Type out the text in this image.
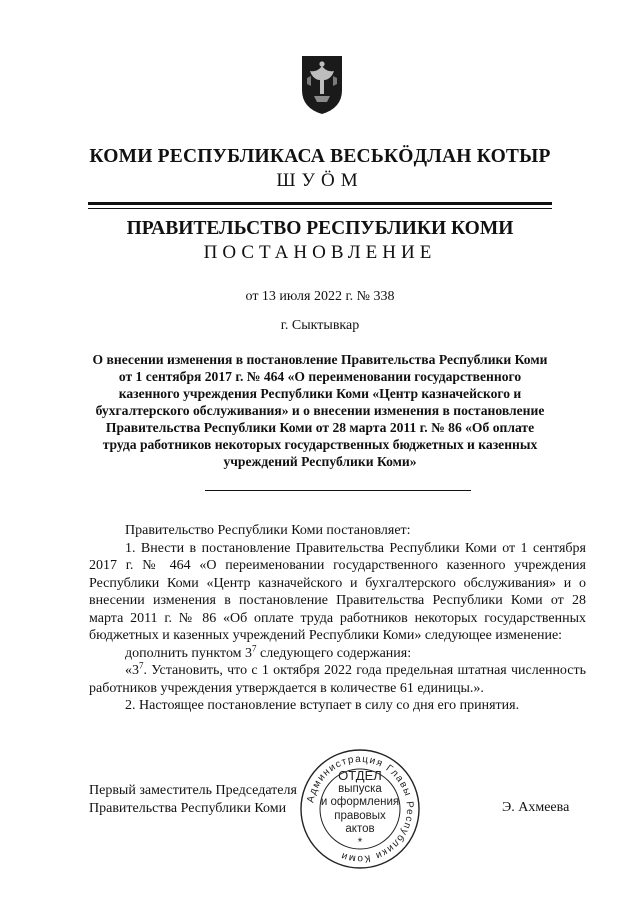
КОМИ РЕСПУБЛИКАСА ВЕСЬКÖДЛАН КОТЫР
ШУÖМ
ПРАВИТЕЛЬСТВО РЕСПУБЛИКИ КОМИ
ПОСТАНОВЛЕНИЕ
от 13 июля 2022 г. № 338
г. Сыктывкар
О внесении изменения в постановление Правительства Республики Коми от 1 сентября 2017 г. № 464 «О переименовании государственного казенного учреждения Республики Коми «Центр казначейского и бухгалтерского обслуживания» и о внесении изменения в постановление Правительства Республики Коми от 28 марта 2011 г. № 86 «Об оплате труда работников некоторых государственных бюджетных и казенных учреждений Республики Коми»

Правительство Республики Коми постановляет:

1. Внести в постановление Правительства Республики Коми от 1 сентября 2017 г. № 464 «О переименовании государственного казенного учреждения Республики Коми «Центр казначейского и бухгалтерского обслуживания» и о внесении изменения в постановление Правительства Республики Коми от 28 марта 2011 г. № 86 «Об оплате труда работников некоторых государственных бюджетных и казенных учреждений Республики Коми» следующее изменение:

дополнить пунктом $3^7$ следующего содержания:

«$3^7$. Установить, что с 1 октября 2022 года предельная штатная численность работников учреждения утверждается в количестве 61 единицы.».

2. Настоящее постановление вступает в силу со дня его принятия.

Первый заместитель Председателя
Правительства Республики Коми	Э. Ахмеева
Администрация Главы Республики Коми
ОТДЕЛ
выпуска
и оформления
правовых
актов
*
